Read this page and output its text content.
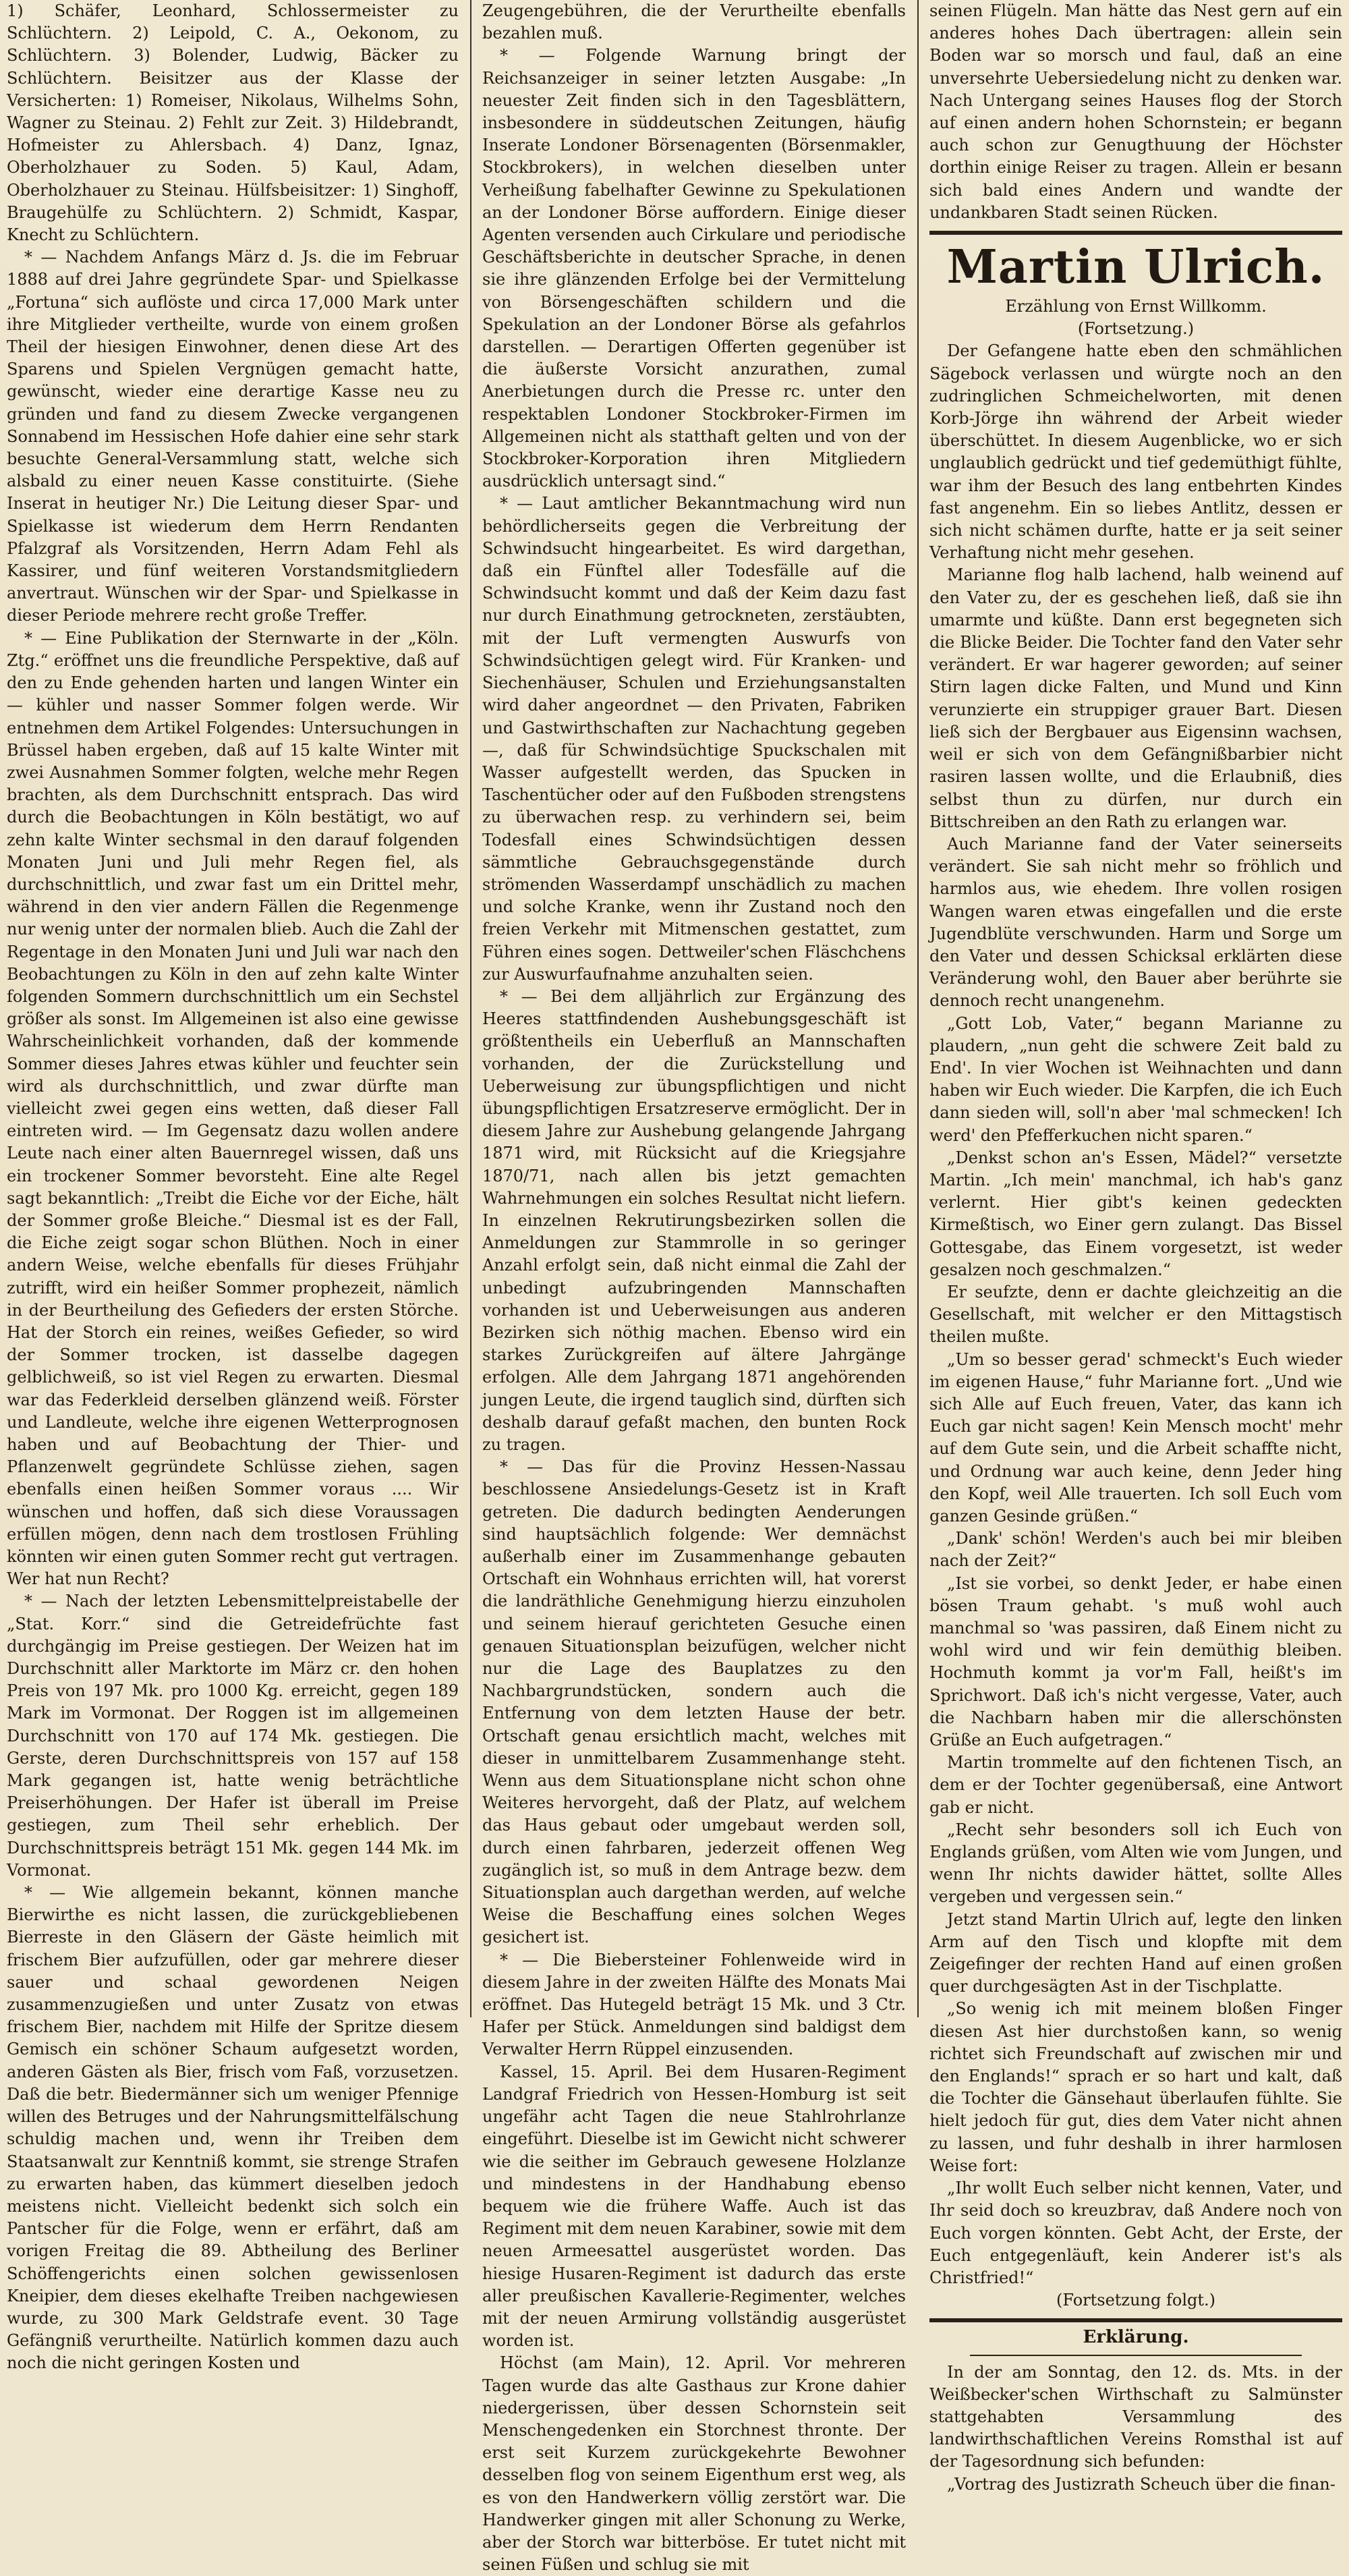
1) Schäfer, Leonhard, Schlossermeister zu Schlüchtern. 2) Leipold, C. A., Oekonom, zu Schlüchtern. 3) Bolender, Ludwig, Bäcker zu Schlüchtern. Beisitzer aus der Klasse der Versicherten: 1) Romeiser, Nikolaus, Wilhelms Sohn, Wagner zu Steinau. 2) Fehlt zur Zeit. 3) Hildebrandt, Hofmeister zu Ahlersbach. 4) Danz, Ignaz, Oberholzhauer zu Soden. 5) Kaul, Adam, Oberholzhauer zu Steinau. Hülfsbeisitzer: 1) Singhoff, Braugehülfe zu Schlüchtern. 2) Schmidt, Kaspar, Knecht zu Schlüchtern.

* — Nachdem Anfangs März d. Js. die im Februar 1888 auf drei Jahre gegründete Spar- und Spielkasse „Fortuna“ sich auflöste und circa 17,000 Mark unter ihre Mitglieder vertheilte, wurde von einem großen Theil der hiesigen Einwohner, denen diese Art des Sparens und Spielen Vergnügen gemacht hatte, gewünscht, wieder eine derartige Kasse neu zu gründen und fand zu diesem Zwecke vergangenen Sonnabend im Hessischen Hofe dahier eine sehr stark besuchte General-Versammlung statt, welche sich alsbald zu einer neuen Kasse constituirte. (Siehe Inserat in heutiger Nr.) Die Leitung dieser Spar- und Spielkasse ist wiederum dem Herrn Rendanten Pfalzgraf als Vorsitzenden, Herrn Adam Fehl als Kassirer, und fünf weiteren Vorstandsmitgliedern anvertraut. Wünschen wir der Spar- und Spielkasse in dieser Periode mehrere recht große Treffer.

* — Eine Publikation der Sternwarte in der „Köln. Ztg.“ eröffnet uns die freundliche Perspektive, daß auf den zu Ende gehenden harten und langen Winter ein — kühler und nasser Sommer folgen werde. Wir entnehmen dem Artikel Folgendes: Untersuchungen in Brüssel haben ergeben, daß auf 15 kalte Winter mit zwei Ausnahmen Sommer folgten, welche mehr Regen brachten, als dem Durchschnitt entsprach. Das wird durch die Beobachtungen in Köln bestätigt, wo auf zehn kalte Winter sechsmal in den darauf folgenden Monaten Juni und Juli mehr Regen fiel, als durchschnittlich, und zwar fast um ein Drittel mehr, während in den vier andern Fällen die Regenmenge nur wenig unter der normalen blieb. Auch die Zahl der Regentage in den Monaten Juni und Juli war nach den Beobachtungen zu Köln in den auf zehn kalte Winter folgenden Sommern durchschnittlich um ein Sechstel größer als sonst. Im Allgemeinen ist also eine gewisse Wahrscheinlichkeit vorhanden, daß der kommende Sommer dieses Jahres etwas kühler und feuchter sein wird als durchschnittlich, und zwar dürfte man vielleicht zwei gegen eins wetten, daß dieser Fall eintreten wird. — Im Gegensatz dazu wollen andere Leute nach einer alten Bauernregel wissen, daß uns ein trockener Sommer bevorsteht. Eine alte Regel sagt bekanntlich: „Treibt die Eiche vor der Eiche, hält der Sommer große Bleiche.“ Diesmal ist es der Fall, die Eiche zeigt sogar schon Blüthen. Noch in einer andern Weise, welche ebenfalls für dieses Frühjahr zutrifft, wird ein heißer Sommer prophezeit, nämlich in der Beurtheilung des Gefieders der ersten Störche. Hat der Storch ein reines, weißes Gefieder, so wird der Sommer trocken, ist dasselbe dagegen gelblichweiß, so ist viel Regen zu erwarten. Diesmal war das Federkleid derselben glänzend weiß. Förster und Landleute, welche ihre eigenen Wetterprognosen haben und auf Beobachtung der Thier- und Pflanzenwelt gegründete Schlüsse ziehen, sagen ebenfalls einen heißen Sommer voraus .... Wir wünschen und hoffen, daß sich diese Voraussagen erfüllen mögen, denn nach dem trostlosen Frühling könnten wir einen guten Sommer recht gut vertragen. Wer hat nun Recht?

* — Nach der letzten Lebensmittelpreistabelle der „Stat. Korr.“ sind die Getreidefrüchte fast durchgängig im Preise gestiegen. Der Weizen hat im Durchschnitt aller Marktorte im März cr. den hohen Preis von 197 Mk. pro 1000 Kg. erreicht, gegen 189 Mark im Vormonat. Der Roggen ist im allgemeinen Durchschnitt von 170 auf 174 Mk. gestiegen. Die Gerste, deren Durchschnittspreis von 157 auf 158 Mark gegangen ist, hatte wenig beträchtliche Preiserhöhungen. Der Hafer ist überall im Preise gestiegen, zum Theil sehr erheblich. Der Durchschnittspreis beträgt 151 Mk. gegen 144 Mk. im Vormonat.

* — Wie allgemein bekannt, können manche Bierwirthe es nicht lassen, die zurückgebliebenen Bierreste in den Gläsern der Gäste heimlich mit frischem Bier aufzufüllen, oder gar mehrere dieser sauer und schaal gewordenen Neigen zusammenzugießen und unter Zusatz von etwas frischem Bier, nachdem mit Hilfe der Spritze diesem Gemisch ein schöner Schaum aufgesetzt worden, anderen Gästen als Bier, frisch vom Faß, vorzusetzen. Daß die betr. Biedermänner sich um weniger Pfennige willen des Betruges und der Nahrungsmittelfälschung schuldig machen und, wenn ihr Treiben dem Staatsanwalt zur Kenntniß kommt, sie strenge Strafen zu erwarten haben, das kümmert dieselben jedoch meistens nicht. Vielleicht bedenkt sich solch ein Pantscher für die Folge, wenn er erfährt, daß am vorigen Freitag die 89. Abtheilung des Berliner Schöffengerichts einen solchen gewissenlosen Kneipier, dem dieses ekelhafte Treiben nachgewiesen wurde, zu 300 Mark Geldstrafe event. 30 Tage Gefängniß verurtheilte. Natürlich kommen dazu auch noch die nicht geringen Kosten und

Zeugengebühren, die der Verurtheilte ebenfalls bezahlen muß.

* — Folgende Warnung bringt der Reichsanzeiger in seiner letzten Ausgabe: „In neuester Zeit finden sich in den Tagesblättern, insbesondere in süddeutschen Zeitungen, häufig Inserate Londoner Börsenagenten (Börsenmakler, Stockbrokers), in welchen dieselben unter Verheißung fabelhafter Gewinne zu Spekulationen an der Londoner Börse auffordern. Einige dieser Agenten versenden auch Cirkulare und periodische Geschäftsberichte in deutscher Sprache, in denen sie ihre glänzenden Erfolge bei der Vermittelung von Börsengeschäften schildern und die Spekulation an der Londoner Börse als gefahrlos darstellen. — Derartigen Offerten gegenüber ist die äußerste Vorsicht anzurathen, zumal Anerbietungen durch die Presse rc. unter den respektablen Londoner Stockbroker-Firmen im Allgemeinen nicht als statthaft gelten und von der Stockbroker-Korporation ihren Mitgliedern ausdrücklich untersagt sind.“

* — Laut amtlicher Bekanntmachung wird nun behördlicherseits gegen die Verbreitung der Schwindsucht hingearbeitet. Es wird dargethan, daß ein Fünftel aller Todesfälle auf die Schwindsucht kommt und daß der Keim dazu fast nur durch Einathmung getrockneten, zerstäubten, mit der Luft vermengten Auswurfs von Schwindsüchtigen gelegt wird. Für Kranken- und Siechenhäuser, Schulen und Erziehungsanstalten wird daher angeordnet — den Privaten, Fabriken und Gastwirthschaften zur Nachachtung gegeben —, daß für Schwindsüchtige Spuckschalen mit Wasser aufgestellt werden, das Spucken in Taschentücher oder auf den Fußboden strengstens zu überwachen resp. zu verhindern sei, beim Todesfall eines Schwindsüchtigen dessen sämmtliche Gebrauchsgegenstände durch strömenden Wasserdampf unschädlich zu machen und solche Kranke, wenn ihr Zustand noch den freien Verkehr mit Mitmenschen gestattet, zum Führen eines sogen. Dettweiler'schen Fläschchens zur Auswurfaufnahme anzuhalten seien.

* — Bei dem alljährlich zur Ergänzung des Heeres stattfindenden Aushebungsgeschäft ist größtentheils ein Ueberfluß an Mannschaften vorhanden, der die Zurückstellung und Ueberweisung zur übungspflichtigen und nicht übungspflichtigen Ersatzreserve ermöglicht. Der in diesem Jahre zur Aushebung gelangende Jahrgang 1871 wird, mit Rücksicht auf die Kriegsjahre 1870/71, nach allen bis jetzt gemachten Wahrnehmungen ein solches Resultat nicht liefern. In einzelnen Rekrutirungsbezirken sollen die Anmeldungen zur Stammrolle in so geringer Anzahl erfolgt sein, daß nicht einmal die Zahl der unbedingt aufzubringenden Mannschaften vorhanden ist und Ueberweisungen aus anderen Bezirken sich nöthig machen. Ebenso wird ein starkes Zurückgreifen auf ältere Jahrgänge erfolgen. Alle dem Jahrgang 1871 angehörenden jungen Leute, die irgend tauglich sind, dürften sich deshalb darauf gefaßt machen, den bunten Rock zu tragen.

* — Das für die Provinz Hessen-Nassau beschlossene Ansiedelungs-Gesetz ist in Kraft getreten. Die dadurch bedingten Aenderungen sind hauptsächlich folgende: Wer demnächst außerhalb einer im Zusammenhange gebauten Ortschaft ein Wohnhaus errichten will, hat vorerst die landräthliche Genehmigung hierzu einzuholen und seinem hierauf gerichteten Gesuche einen genauen Situationsplan beizufügen, welcher nicht nur die Lage des Bauplatzes zu den Nachbargrundstücken, sondern auch die Entfernung von dem letzten Hause der betr. Ortschaft genau ersichtlich macht, welches mit dieser in unmittelbarem Zusammenhange steht. Wenn aus dem Situationsplane nicht schon ohne Weiteres hervorgeht, daß der Platz, auf welchem das Haus gebaut oder umgebaut werden soll, durch einen fahrbaren, jederzeit offenen Weg zugänglich ist, so muß in dem Antrage bezw. dem Situationsplan auch dargethan werden, auf welche Weise die Beschaffung eines solchen Weges gesichert ist.

* — Die Biebersteiner Fohlenweide wird in diesem Jahre in der zweiten Hälfte des Monats Mai eröffnet. Das Hutegeld beträgt 15 Mk. und 3 Ctr. Hafer per Stück. Anmeldungen sind baldigst dem Verwalter Herrn Rüppel einzusenden.

Kassel, 15. April. Bei dem Husaren-Regiment Landgraf Friedrich von Hessen-Homburg ist seit ungefähr acht Tagen die neue Stahlrohrlanze eingeführt. Dieselbe ist im Gewicht nicht schwerer wie die seither im Gebrauch gewesene Holzlanze und mindestens in der Handhabung ebenso bequem wie die frühere Waffe. Auch ist das Regiment mit dem neuen Karabiner, sowie mit dem neuen Armeesattel ausgerüstet worden. Das hiesige Husaren-Regiment ist dadurch das erste aller preußischen Kavallerie-Regimenter, welches mit der neuen Armirung vollständig ausgerüstet worden ist.

Höchst (am Main), 12. April. Vor mehreren Tagen wurde das alte Gasthaus zur Krone dahier niedergerissen, über dessen Schornstein seit Menschengedenken ein Storchnest thronte. Der erst seit Kurzem zurückgekehrte Bewohner desselben flog von seinem Eigenthum erst weg, als es von den Handwerkern völlig zerstört war. Die Handwerker gingen mit aller Schonung zu Werke, aber der Storch war bitterböse. Er tutet nicht mit seinen Füßen und schlug sie mit

seinen Flügeln. Man hätte das Nest gern auf ein anderes hohes Dach übertragen: allein sein Boden war so morsch und faul, daß an eine unversehrte Uebersiedelung nicht zu denken war. Nach Untergang seines Hauses flog der Storch auf einen andern hohen Schornstein; er begann auch schon zur Genugthuung der Höchster dorthin einige Reiser zu tragen. Allein er besann sich bald eines Andern und wandte der undankbaren Stadt seinen Rücken.

Martin Ulrich.

Erzählung von Ernst Willkomm.

(Fortsetzung.)

Der Gefangene hatte eben den schmählichen Sägebock verlassen und würgte noch an den zudringlichen Schmeichelworten, mit denen Korb-Jörge ihn während der Arbeit wieder überschüttet. In diesem Augenblicke, wo er sich unglaublich gedrückt und tief gedemüthigt fühlte, war ihm der Besuch des lang entbehrten Kindes fast angenehm. Ein so liebes Antlitz, dessen er sich nicht schämen durfte, hatte er ja seit seiner Verhaftung nicht mehr gesehen.

Marianne flog halb lachend, halb weinend auf den Vater zu, der es geschehen ließ, daß sie ihn umarmte und küßte. Dann erst begegneten sich die Blicke Beider. Die Tochter fand den Vater sehr verändert. Er war hagerer geworden; auf seiner Stirn lagen dicke Falten, und Mund und Kinn verunzierte ein struppiger grauer Bart. Diesen ließ sich der Bergbauer aus Eigensinn wachsen, weil er sich von dem Gefängnißbarbier nicht rasiren lassen wollte, und die Erlaubniß, dies selbst thun zu dürfen, nur durch ein Bittschreiben an den Rath zu erlangen war.

Auch Marianne fand der Vater seinerseits verändert. Sie sah nicht mehr so fröhlich und harmlos aus, wie ehedem. Ihre vollen rosigen Wangen waren etwas eingefallen und die erste Jugendblüte verschwunden. Harm und Sorge um den Vater und dessen Schicksal erklärten diese Veränderung wohl, den Bauer aber berührte sie dennoch recht unangenehm.

„Gott Lob, Vater,“ begann Marianne zu plaudern, „nun geht die schwere Zeit bald zu End'. In vier Wochen ist Weihnachten und dann haben wir Euch wieder. Die Karpfen, die ich Euch dann sieden will, soll'n aber 'mal schmecken! Ich werd' den Pfefferkuchen nicht sparen.“

„Denkst schon an's Essen, Mädel?“ versetzte Martin. „Ich mein' manchmal, ich hab's ganz verlernt. Hier gibt's keinen gedeckten Kirmeßtisch, wo Einer gern zulangt. Das Bissel Gottesgabe, das Einem vorgesetzt, ist weder gesalzen noch geschmalzen.“

Er seufzte, denn er dachte gleichzeitig an die Gesellschaft, mit welcher er den Mittagstisch theilen mußte.

„Um so besser gerad' schmeckt's Euch wieder im eigenen Hause,“ fuhr Marianne fort. „Und wie sich Alle auf Euch freuen, Vater, das kann ich Euch gar nicht sagen! Kein Mensch mocht' mehr auf dem Gute sein, und die Arbeit schaffte nicht, und Ordnung war auch keine, denn Jeder hing den Kopf, weil Alle trauerten. Ich soll Euch vom ganzen Gesinde grüßen.“

„Dank' schön! Werden's auch bei mir bleiben nach der Zeit?“

„Ist sie vorbei, so denkt Jeder, er habe einen bösen Traum gehabt. 's muß wohl auch manchmal so 'was passiren, daß Einem nicht zu wohl wird und wir fein demüthig bleiben. Hochmuth kommt ja vor'm Fall, heißt's im Sprichwort. Daß ich's nicht vergesse, Vater, auch die Nachbarn haben mir die allerschönsten Grüße an Euch aufgetragen.“

Martin trommelte auf den fichtenen Tisch, an dem er der Tochter gegenübersaß, eine Antwort gab er nicht.

„Recht sehr besonders soll ich Euch von Englands grüßen, vom Alten wie vom Jungen, und wenn Ihr nichts dawider hättet, sollte Alles vergeben und vergessen sein.“

Jetzt stand Martin Ulrich auf, legte den linken Arm auf den Tisch und klopfte mit dem Zeigefinger der rechten Hand auf einen großen quer durchgesägten Ast in der Tischplatte.

„So wenig ich mit meinem bloßen Finger diesen Ast hier durchstoßen kann, so wenig richtet sich Freundschaft auf zwischen mir und den Englands!“ sprach er so hart und kalt, daß die Tochter die Gänsehaut überlaufen fühlte. Sie hielt jedoch für gut, dies dem Vater nicht ahnen zu lassen, und fuhr deshalb in ihrer harmlosen Weise fort:

„Ihr wollt Euch selber nicht kennen, Vater, und Ihr seid doch so kreuzbrav, daß Andere noch von Euch vorgen könnten. Gebt Acht, der Erste, der Euch entgegenläuft, kein Anderer ist's als Christfried!“

(Fortsetzung folgt.)

Erklärung.

In der am Sonntag, den 12. ds. Mts. in der Weißbecker'schen Wirthschaft zu Salmünster stattgehabten Versammlung des landwirthschaftlichen Vereins Romsthal ist auf der Tagesordnung sich befunden:

„Vortrag des Justizrath Scheuch über die finan-
